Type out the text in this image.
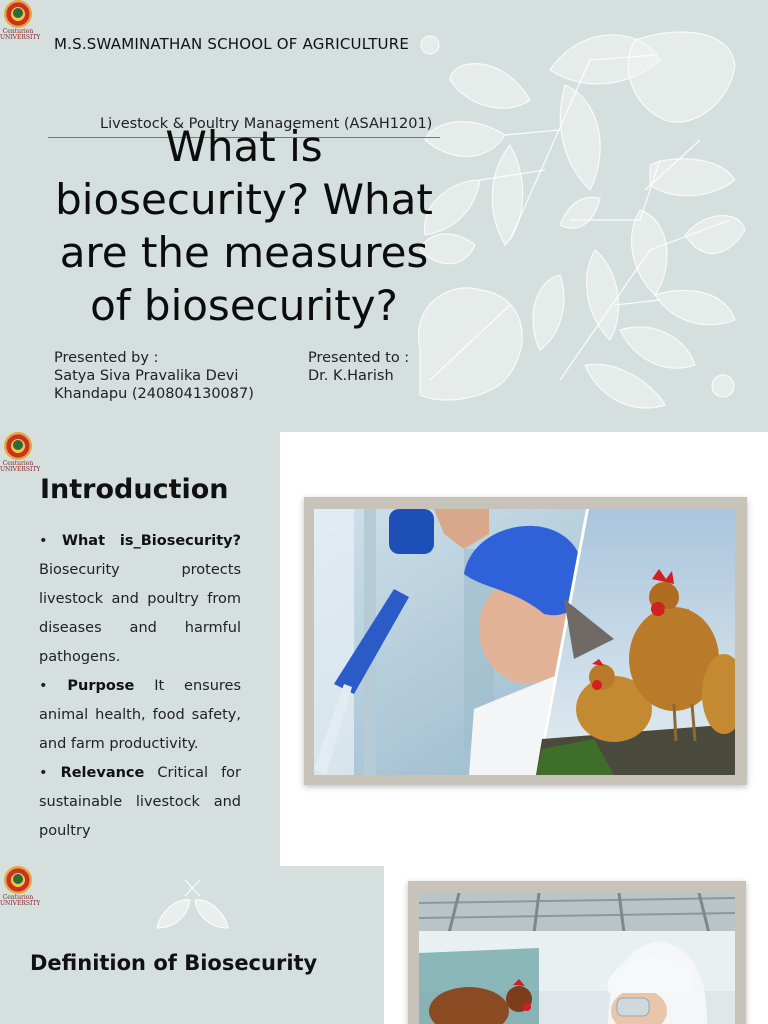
Centurion
UNIVERSITY M.S.SWAMINATHAN SCHOOL OF AGRICULTURE
Livestock & Poultry Management (ASAH1201)
What is biosecurity? What are the measures of biosecurity?
Presented by :
Satya Siva Pravalika Devi
Khandapu (240804130087)
Presented to :
Dr. K.Harish
Centurion
UNIVERSITY
Introduction
• What is_Biosecurity? Biosecurity protects livestock and poultry from diseases and harmful pathogens.
• Purpose It ensures animal health, food safety, and farm productivity.
• Relevance Critical for sustainable livestock and poultry
Centurion
UNIVERSITY
Definition of Biosecurity
